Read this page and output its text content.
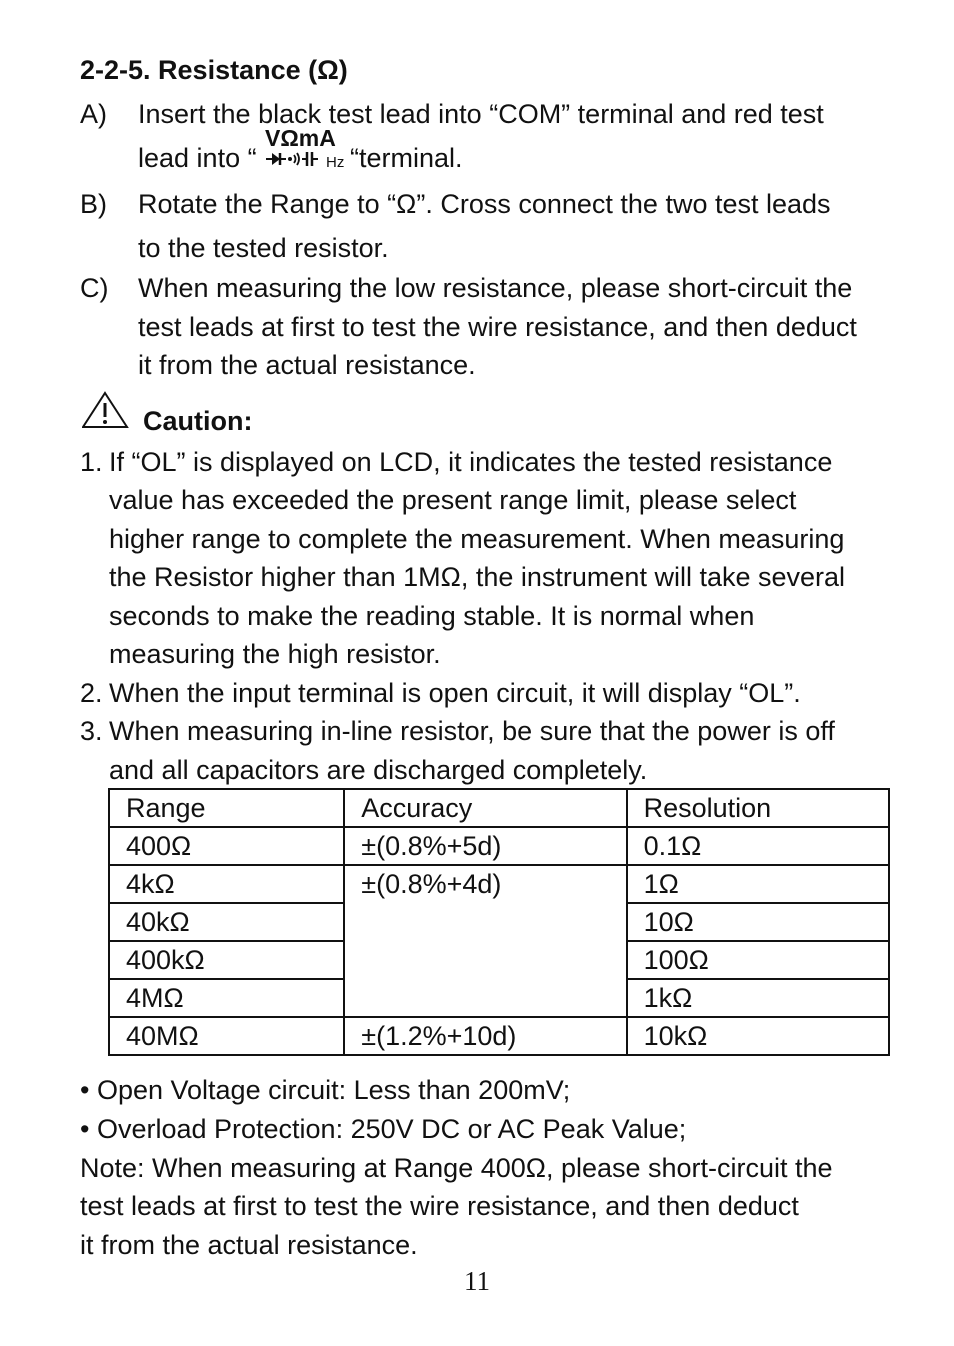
2-2-5. Resistance (Ω)
A) Insert the black test lead into “COM” terminal and red test
lead into “
VΩmA
Hz “terminal.
B) Rotate the Range to “Ω”. Cross connect the two test leads
to the tested resistor.
C) When measuring the low resistance, please short-circuit the
test leads at first to test the wire resistance, and then deduct
it from the actual resistance.
Caution:
1. If “OL” is displayed on LCD, it indicates the tested resistance
value has exceeded the present range limit, please select
higher range to complete the measurement. When measuring
the Resistor higher than 1MΩ, the instrument will take several
seconds to make the reading stable. It is normal when
measuring the high resistor.
2. When the input terminal is open circuit, it will display “OL”.
3. When measuring in-line resistor, be sure that the power is off
and all capacitors are discharged completely.
Range	Accuracy	Resolution
400Ω	±(0.8%+5d)	0.1Ω
4kΩ	±(0.8%+4d)	1Ω
40kΩ		10Ω
400kΩ		100Ω
4MΩ		1kΩ
40MΩ	±(1.2%+10d)	10kΩ
• Open Voltage circuit: Less than 200mV;
• Overload Protection: 250V DC or AC Peak Value;
Note: When measuring at Range 400Ω, please short-circuit the
test leads at first to test the wire resistance, and then deduct
it from the actual resistance.
11
